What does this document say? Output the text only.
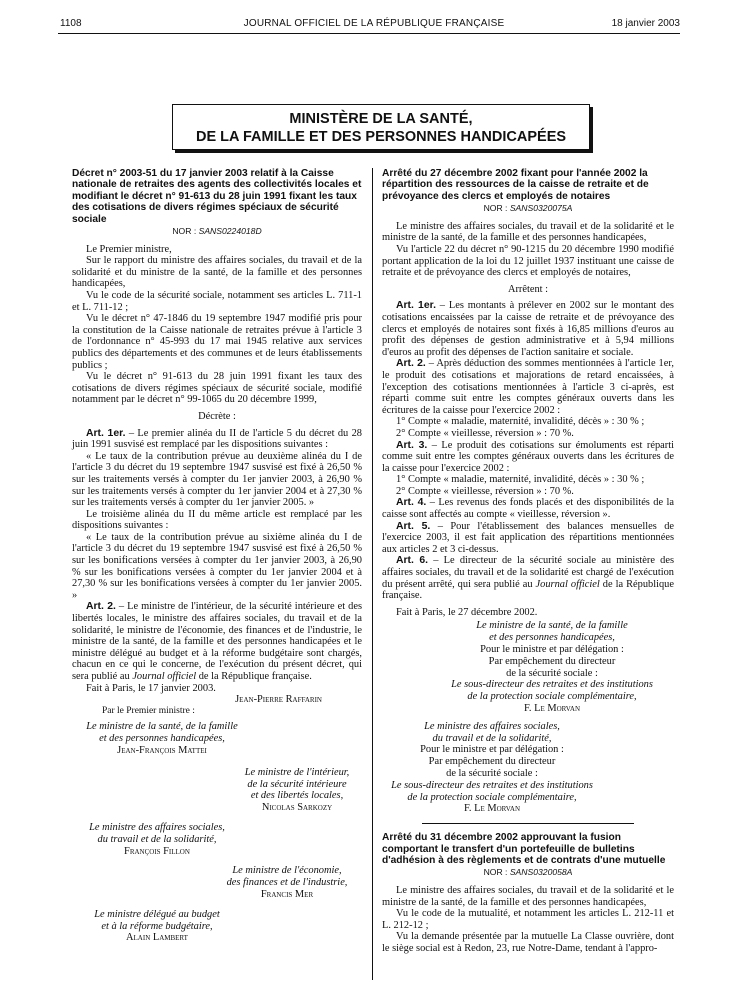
1108	JOURNAL OFFICIEL DE LA RÉPUBLIQUE FRANÇAISE	18 janvier 2003
MINISTÈRE DE LA SANTÉ,
DE LA FAMILLE ET DES PERSONNES HANDICAPÉES
Décret n° 2003-51 du 17 janvier 2003 relatif à la Caisse nationale de retraites des agents des collectivités locales et modifiant le décret n° 91-613 du 28 juin 1991 fixant les taux des cotisations de divers régimes spéciaux de sécurité sociale
NOR : SANS0224018D

Le Premier ministre,

Sur le rapport du ministre des affaires sociales, du travail et de la solidarité et du ministre de la santé, de la famille et des personnes handicapées,

Vu le code de la sécurité sociale, notamment ses articles L. 711-1 et L. 711-12 ;

Vu le décret n° 47-1846 du 19 septembre 1947 modifié pris pour la constitution de la Caisse nationale de retraites prévue à l'article 3 de l'ordonnance n° 45-993 du 17 mai 1945 relative aux services publics des départements et des communes et de leurs établissements publics ;

Vu le décret n° 91-613 du 28 juin 1991 fixant les taux des cotisations de divers régimes spéciaux de sécurité sociale, modifié notamment par le décret n° 99-1065 du 20 décembre 1999,

Décrète :

Art. 1er. – Le premier alinéa du II de l'article 5 du décret du 28 juin 1991 susvisé est remplacé par les dispositions suivantes :

« Le taux de la contribution prévue au deuxième alinéa du I de l'article 3 du décret du 19 septembre 1947 susvisé est fixé à 26,50 % sur les traitements versés à compter du 1er janvier 2003, à 26,90 % sur les traitements versés à compter du 1er janvier 2004 et à 27,30 % sur les traitements versés à compter du 1er janvier 2005. »

Le troisième alinéa du II du même article est remplacé par les dispositions suivantes :

« Le taux de la contribution prévue au sixième alinéa du I de l'article 3 du décret du 19 septembre 1947 susvisé est fixé à 26,50 % sur les bonifications versées à compter du 1er janvier 2003, à 26,90 % sur les bonifications versées à compter du 1er janvier 2004 et à 27,30 % sur les bonifications versées à compter du 1er janvier 2005. »

Art. 2. – Le ministre de l'intérieur, de la sécurité intérieure et des libertés locales, le ministre des affaires sociales, du travail et de la solidarité, le ministre de l'économie, des finances et de l'industrie, le ministre de la santé, de la famille et des personnes handicapées et le ministre délégué au budget et à la réforme budgétaire sont chargés, chacun en ce qui le concerne, de l'exécution du présent décret, qui sera publié au Journal officiel de la République française.

Fait à Paris, le 17 janvier 2003.

Jean-Pierre Raffarin

Par le Premier ministre :

Le ministre de la santé, de la famille
et des personnes handicapées,
Jean-François Mattei
Le ministre de l'intérieur,
de la sécurité intérieure
et des libertés locales,
Nicolas Sarkozy
Le ministre des affaires sociales,
du travail et de la solidarité,
François Fillon
Le ministre de l'économie,
des finances et de l'industrie,
Francis Mer
Le ministre délégué au budget
et à la réforme budgétaire,
Alain Lambert
Arrêté du 27 décembre 2002 fixant pour l'année 2002 la répartition des ressources de la caisse de retraite et de prévoyance des clercs et employés de notaires
NOR : SANS0320075A

Le ministre des affaires sociales, du travail et de la solidarité et le ministre de la santé, de la famille et des personnes handicapées,

Vu l'article 22 du décret n° 90-1215 du 20 décembre 1990 modifié portant application de la loi du 12 juillet 1937 instituant une caisse de retraite et de prévoyance des clercs et employés de notaires,

Arrêtent :

Art. 1er. – Les montants à prélever en 2002 sur le montant des cotisations encaissées par la caisse de retraite et de prévoyance des clercs et employés de notaires sont fixés à 16,85 millions d'euros au profit des dépenses de gestion administrative et à 5,94 millions d'euros au profit des dépenses de l'action sanitaire et sociale.

Art. 2. – Après déduction des sommes mentionnées à l'article 1er, le produit des cotisations et majorations de retard encaissées, à l'exception des cotisations mentionnées à l'article 3 ci-après, est réparti comme suit entre les comptes généraux ouverts dans les écritures de la caisse pour l'exercice 2002 :

1° Compte « maladie, maternité, invalidité, décès » : 30 % ;

2° Compte « vieillesse, réversion » : 70 %.

Art. 3. – Le produit des cotisations sur émoluments est réparti comme suit entre les comptes généraux ouverts dans les écritures de la caisse pour l'exercice 2002 :

1° Compte « maladie, maternité, invalidité, décès » : 30 % ;

2° Compte « vieillesse, réversion » : 70 %.

Art. 4. – Les revenus des fonds placés et des disponibilités de la caisse sont affectés au compte « vieillesse, réversion ».

Art. 5. – Pour l'établissement des balances mensuelles de l'exercice 2003, il est fait application des répartitions mentionnées aux articles 2 et 3 ci-dessus.

Art. 6. – Le directeur de la sécurité sociale au ministère des affaires sociales, du travail et de la solidarité est chargé de l'exécution du présent arrêté, qui sera publié au Journal officiel de la République française.

Fait à Paris, le 27 décembre 2002.

Le ministre de la santé, de la famille
et des personnes handicapées,
Pour le ministre et par délégation :
Par empêchement du directeur
de la sécurité sociale :
Le sous-directeur des retraites et des institutions
de la protection sociale complémentaire,
F. Le Morvan
Le ministre des affaires sociales,
du travail et de la solidarité,
Pour le ministre et par délégation :
Par empêchement du directeur
de la sécurité sociale :
Le sous-directeur des retraites et des institutions
de la protection sociale complémentaire,
F. Le Morvan
Arrêté du 31 décembre 2002 approuvant la fusion comportant le transfert d'un portefeuille de bulletins d'adhésion à des règlements et de contrats d'une mutuelle
NOR : SANS0320058A

Le ministre des affaires sociales, du travail et de la solidarité et le ministre de la santé, de la famille et des personnes handicapées,

Vu le code de la mutualité, et notamment les articles L. 212-11 et L. 212-12 ;

Vu la demande présentée par la mutuelle La Classe ouvrière, dont le siège social est à Redon, 23, rue Notre-Dame, tendant à l'appro-
